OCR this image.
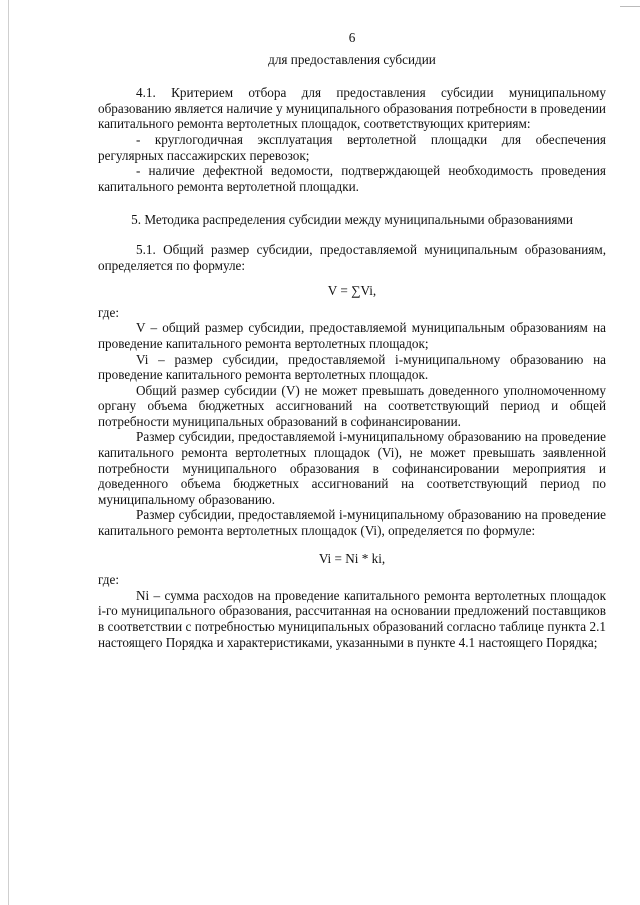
6

для предоставления субсидии

4.1. Критерием отбора для предоставления субсидии муниципальному образованию является наличие у муниципального образования потребности в проведении капитального ремонта вертолетных площадок, соответствующих критериям:

- круглогодичная эксплуатация вертолетной площадки для обеспечения регулярных пассажирских перевозок;

- наличие дефектной ведомости, подтверждающей необходимость проведения капитального ремонта вертолетной площадки.

5. Методика распределения субсидии между муниципальными образованиями

5.1. Общий размер субсидии, предоставляемой муниципальным образованиям, определяется по формуле:

V = ∑Vi,

где:

V – общий размер субсидии, предоставляемой муниципальным образованиям на проведение капитального ремонта вертолетных площадок;

Vi – размер субсидии, предоставляемой i-муниципальному образованию на проведение капитального ремонта вертолетных площадок.

Общий размер субсидии (V) не может превышать доведенного уполномоченному органу объема бюджетных ассигнований на соответствующий период и общей потребности муниципальных образований в софинансировании.

Размер субсидии, предоставляемой i-муниципальному образованию на проведение капитального ремонта вертолетных площадок (Vi), не может превышать заявленной потребности муниципального образования в софинансировании мероприятия и доведенного объема бюджетных ассигнований на соответствующий период по муниципальному образованию.

Размер субсидии, предоставляемой i-муниципальному образованию на проведение капитального ремонта вертолетных площадок (Vi), определяется по формуле:

Vi = Ni * ki,

где:

Ni – сумма расходов на проведение капитального ремонта вертолетных площадок i-го муниципального образования, рассчитанная на основании предложений поставщиков в соответствии с потребностью муниципальных образований согласно таблице пункта 2.1 настоящего Порядка и характеристиками, указанными в пункте 4.1 настоящего Порядка;
